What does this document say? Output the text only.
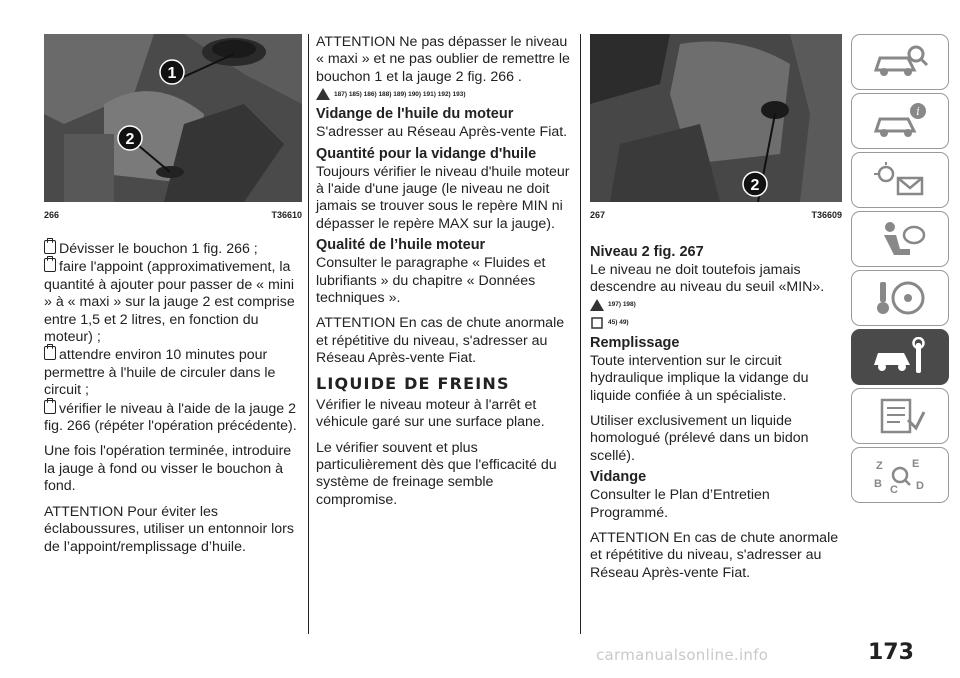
1
2
266	T36610

Dévisser le bouchon 1 fig. 266 ;

faire l'appoint (approximativement, la quantité à ajouter pour passer de « mini » à « maxi » sur la jauge 2 est comprise entre 1,5 et 2 litres, en fonction du moteur) ;

attendre environ 10 minutes pour permettre à l'huile de circuler dans le circuit ;

vérifier le niveau à l'aide de la jauge 2 fig. 266 (répéter l'opération précédente).

Une fois l'opération terminée, introduire la jauge à fond ou visser le bouchon à fond.

ATTENTION Pour éviter les éclaboussures, utiliser un entonnoir lors de l’appoint/remplissage d’huile.

ATTENTION Ne pas dépasser le niveau « maxi » et ne pas oublier de remettre le bouchon 1 et la jauge 2 fig. 266 .

187) 185) 186) 188) 189) 190) 191) 192) 193)
Vidange de l'huile du moteur

S'adresser au Réseau Après-vente Fiat.

Quantité pour la vidange d'huile

Toujours vérifier le niveau d'huile moteur à l'aide d'une jauge (le niveau ne doit jamais se trouver sous le repère MIN ni dépasser le repère MAX sur la jauge).

Qualité de l’huile moteur

Consulter le paragraphe « Fluides et lubrifiants » du chapitre « Données techniques ».

ATTENTION En cas de chute anormale et répétitive du niveau, s'adresser au Réseau Après-vente Fiat.

LIQUIDE DE FREINS

Vérifier le niveau moteur à l'arrêt et véhicule garé sur une surface plane.

Le vérifier souvent et plus particulièrement dès que l'efficacité du système de freinage semble compromise.

2
267	T36609
Niveau 2 fig. 267

Le niveau ne doit toutefois jamais descendre au niveau du seuil «MIN».

197) 198)
45) 49)
Remplissage

Toute intervention sur le circuit hydraulique implique la vidange du liquide confiée à un spécialiste.

Utiliser exclusivement un liquide homologué (prélevé dans un bidon scellé).

Vidange

Consulter le Plan d’Entretien Programmé.

ATTENTION En cas de chute anormale et répétitive du niveau, s'adresser au Réseau Après-vente Fiat.

i
Z	E
B C D
173
carmanualsonline.info
